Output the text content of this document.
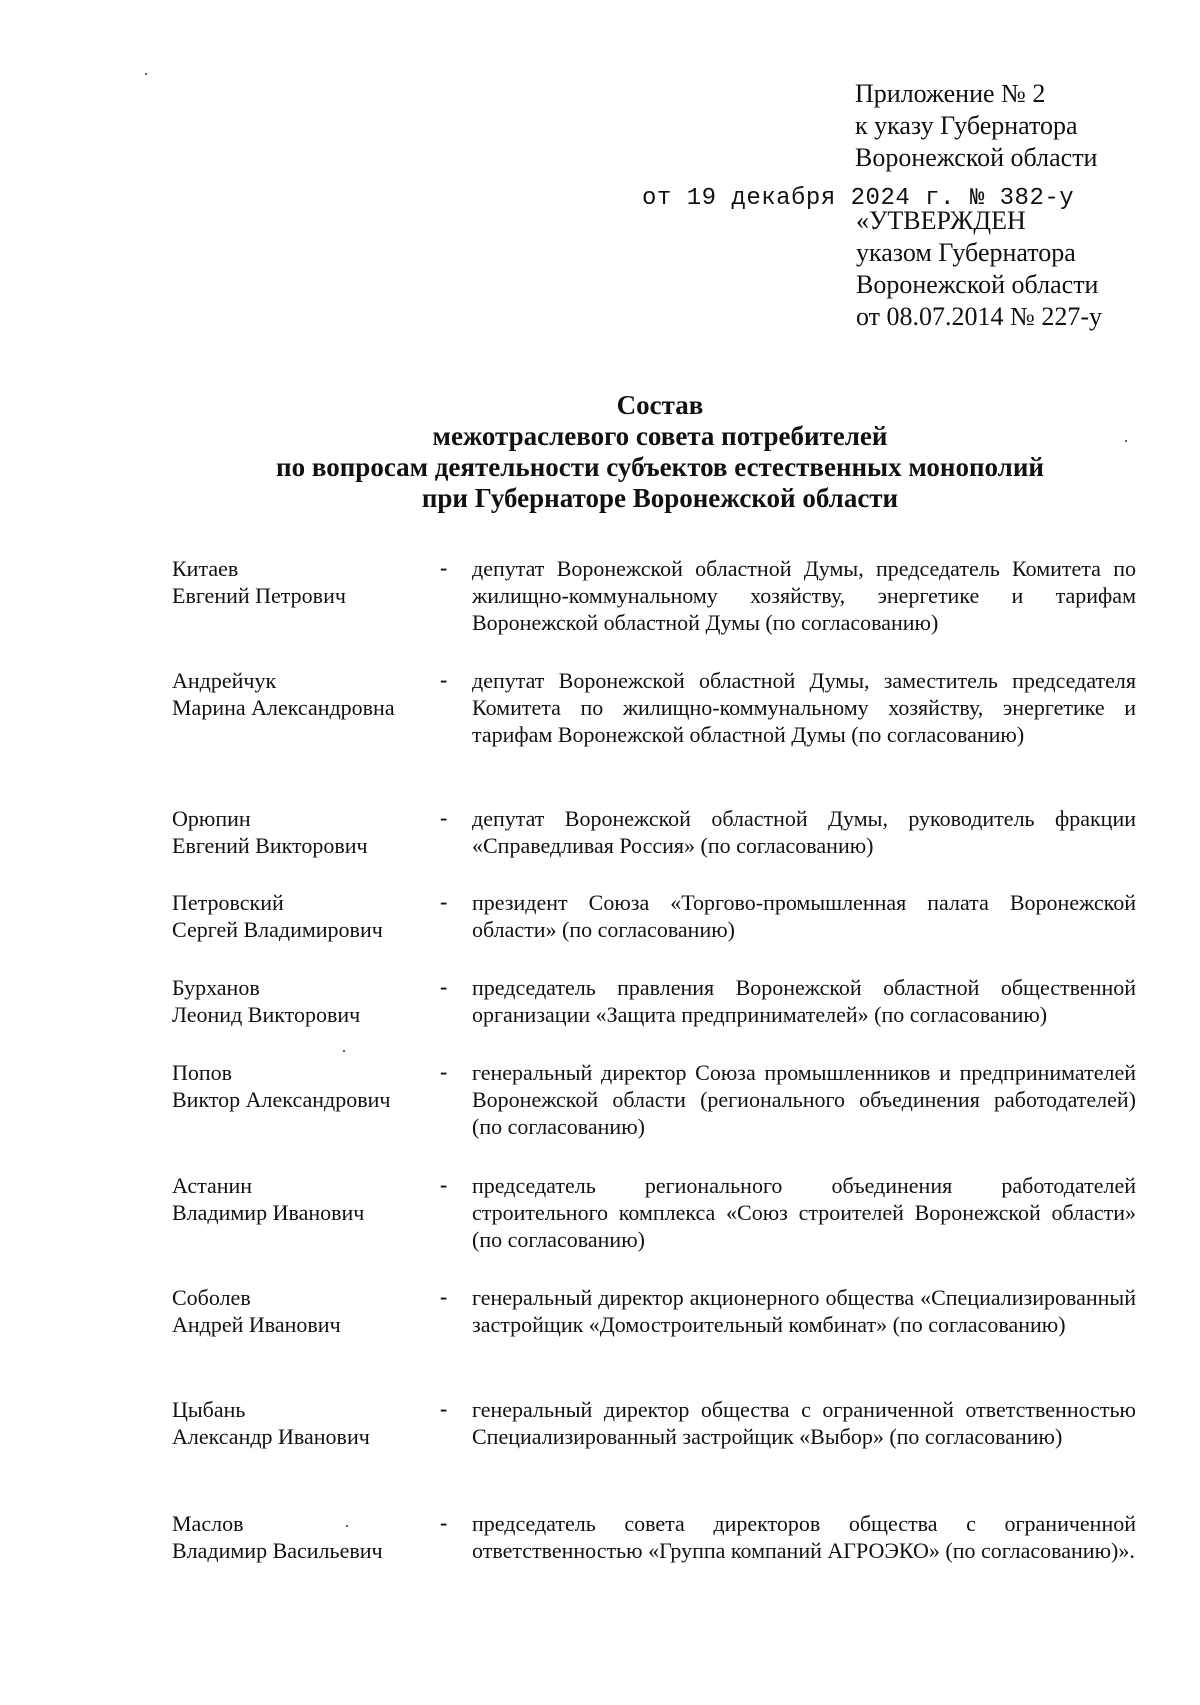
Приложение № 2
к указу Губернатора
Воронежской области
от 19 декабря 2024 г. № 382-у
«УТВЕРЖДЕН
указом Губернатора
Воронежской области
от 08.07.2014 № 227-у
Состав
межотраслевого совета потребителей
по вопросам деятельности субъектов естественных монополий
при Губернаторе Воронежской области
Китаев
Евгений Петрович
- депутат Воронежской областной Думы, председатель Комитета по жилищно-коммунальному хозяйству, энергетике и тарифам Воронежской областной Думы (по согласованию)
Андрейчук
Марина Александровна
- депутат Воронежской областной Думы, заместитель председателя Комитета по жилищно-коммунальному хозяйству, энергетике и тарифам Воронежской областной Думы (по согласованию)
Орюпин
Евгений Викторович
- депутат Воронежской областной Думы, руководитель фракции «Справедливая Россия» (по согласованию)
Петровский
Сергей Владимирович
- президент Союза «Торгово-промышленная палата Воронежской области» (по согласованию)
Бурханов
Леонид Викторович
- председатель правления Воронежской областной общественной организации «Защита предпринимателей» (по согласованию)
Попов
Виктор Александрович
- генеральный директор Союза промышленников и предпринимателей Воронежской области (регионального объединения работодателей) (по согласованию)
Астанин
Владимир Иванович
- председатель регионального объединения работодателей строительного комплекса «Союз строителей Воронежской области» (по согласованию)
Соболев
Андрей Иванович
- генеральный директор акционерного общества «Специализированный застройщик «Домостроительный комбинат» (по согласованию)
Цыбань
Александр Иванович
- генеральный директор общества с ограниченной ответственностью Специализированный застройщик «Выбор» (по согласованию)
Маслов
Владимир Васильевич
- председатель совета директоров общества с ограниченной ответственностью «Группа компаний АГРОЭКО» (по согласованию)».
